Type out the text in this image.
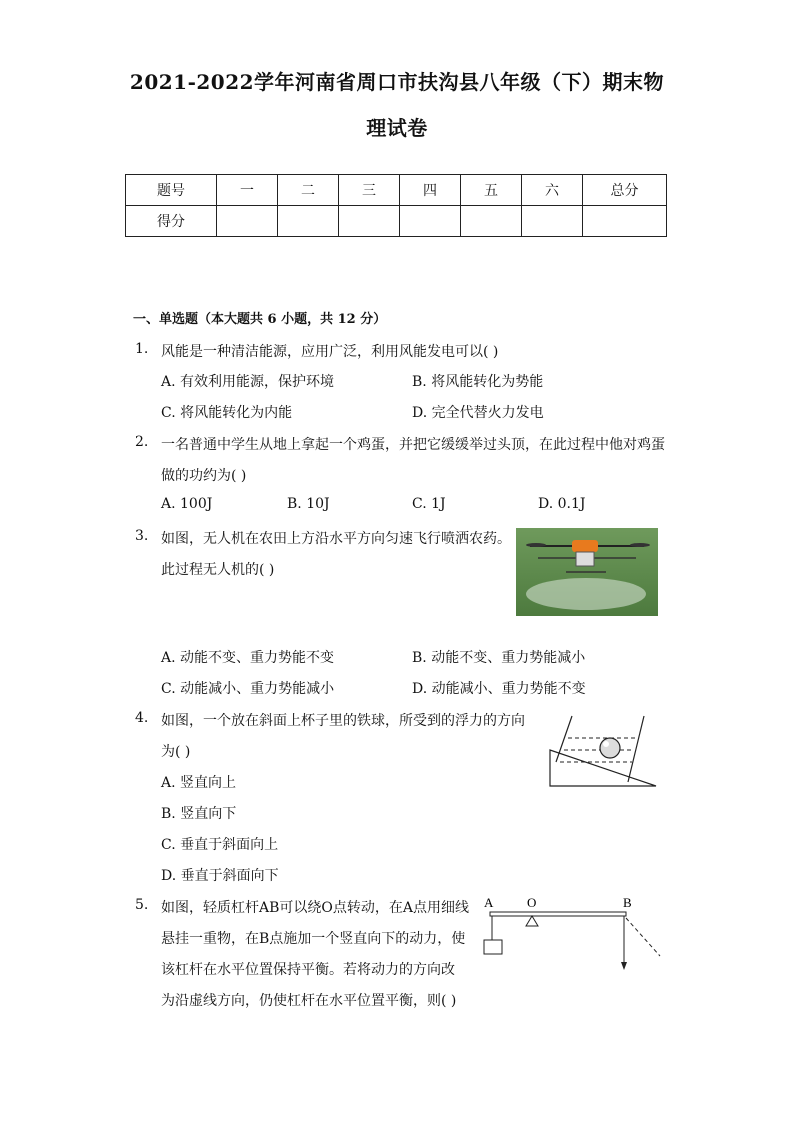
2021-2022学年河南省周口市扶沟县八年级（下）期末物
理试卷
题号	一	二	三	四	五	六	总分
得分							
一、单选题（本大题共 6 小题，共 12 分）
1. 风能是一种清洁能源，应用广泛，利用风能发电可以( )
A. 有效利用能源，保护环境	B. 将风能转化为势能
C. 将风能转化为内能	D. 完全代替火力发电
2. 一名普通中学生从地上拿起一个鸡蛋，并把它缓缓举过头顶，在此过程中他对鸡蛋
做的功约为( )
A. 100J	B. 10J	C. 1J	D. 0.1J
3. 如图，无人机在农田上方沿水平方向匀速飞行喷洒农药。
此过程无人机的( )
A. 动能不变、重力势能不变	B. 动能不变、重力势能减小
C. 动能减小、重力势能减小	D. 动能减小、重力势能不变
4. 如图，一个放在斜面上杯子里的铁球，所受到的浮力的方向
为( )
A. 竖直向上
B. 竖直向下
C. 垂直于斜面向上
D. 垂直于斜面向下
5. 如图，轻质杠杆AB可以绕O点转动，在A点用细线
悬挂一重物，在B点施加一个竖直向下的动力，使
该杠杆在水平位置保持平衡。若将动力的方向改
为沿虚线方向，仍使杠杆在水平位置平衡，则( )
A	O	B
